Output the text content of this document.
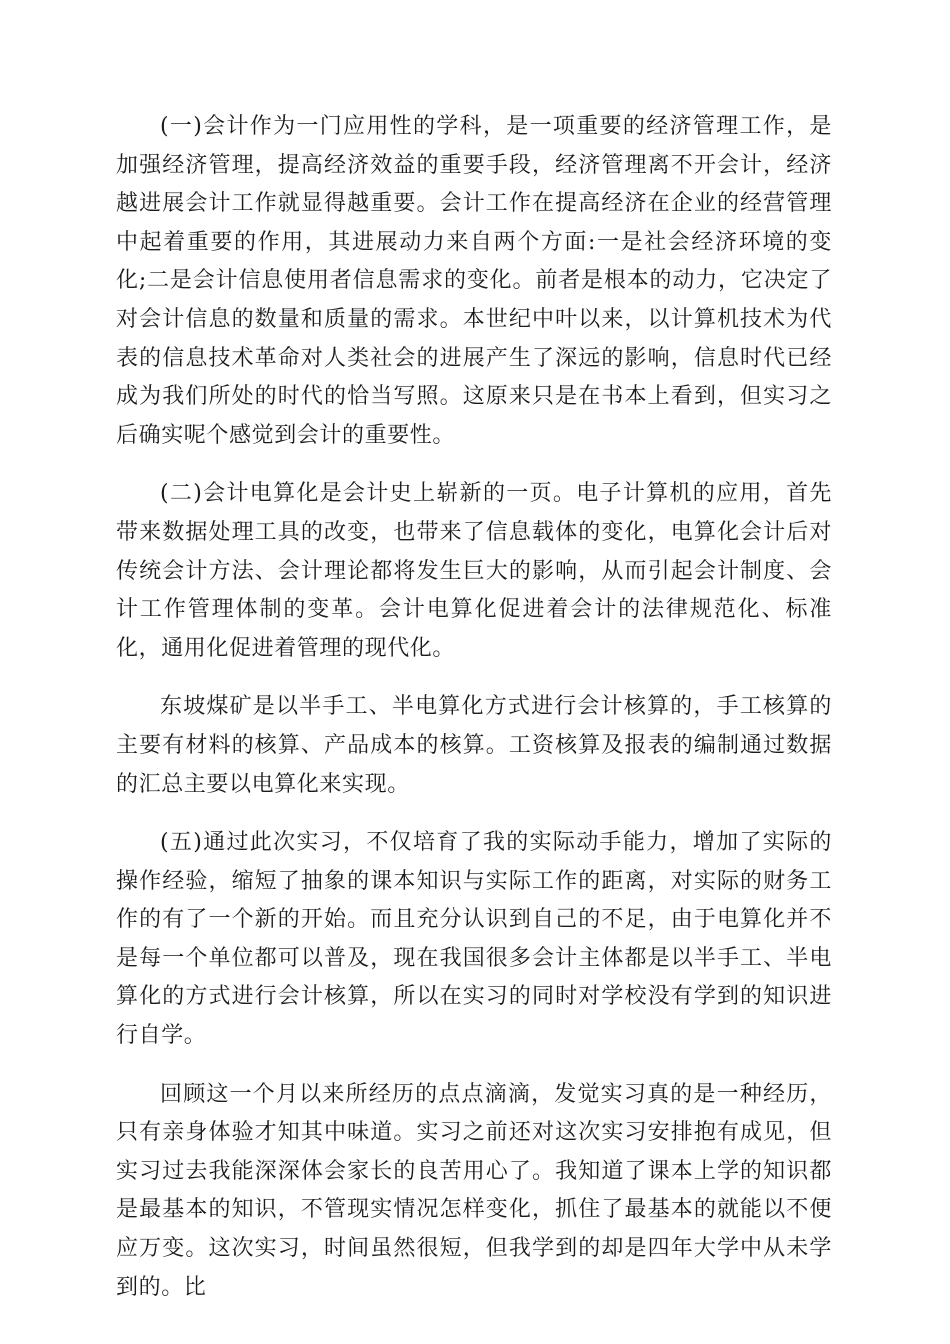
(一)会计作为一门应用性的学科，是一项重要的经济管理工作，是加强经济管理，提高经济效益的重要手段，经济管理离不开会计，经济越进展会计工作就显得越重要。会计工作在提高经济在企业的经营管理中起着重要的作用，其进展动力来自两个方面:一是社会经济环境的变化;二是会计信息使用者信息需求的变化。前者是根本的动力，它决定了对会计信息的数量和质量的需求。本世纪中叶以来，以计算机技术为代表的信息技术革命对人类社会的进展产生了深远的影响，信息时代已经成为我们所处的时代的恰当写照。这原来只是在书本上看到，但实习之后确实呢个感觉到会计的重要性。

(二)会计电算化是会计史上崭新的一页。电子计算机的应用，首先带来数据处理工具的改变，也带来了信息载体的变化，电算化会计后对传统会计方法、会计理论都将发生巨大的影响，从而引起会计制度、会计工作管理体制的变革。会计电算化促进着会计的法律规范化、标准化，通用化促进着管理的现代化。

东坡煤矿是以半手工、半电算化方式进行会计核算的，手工核算的主要有材料的核算、产品成本的核算。工资核算及报表的编制通过数据的汇总主要以电算化来实现。

(五)通过此次实习，不仅培育了我的实际动手能力，增加了实际的操作经验，缩短了抽象的课本知识与实际工作的距离，对实际的财务工作的有了一个新的开始。而且充分认识到自己的不足，由于电算化并不是每一个单位都可以普及，现在我国很多会计主体都是以半手工、半电算化的方式进行会计核算，所以在实习的同时对学校没有学到的知识进行自学。

回顾这一个月以来所经历的点点滴滴，发觉实习真的是一种经历，只有亲身体验才知其中味道。实习之前还对这次实习安排抱有成见，但实习过去我能深深体会家长的良苦用心了。我知道了课本上学的知识都是最基本的知识，不管现实情况怎样变化，抓住了最基本的就能以不便应万变。这次实习，时间虽然很短，但我学到的却是四年大学中从未学到的。比
